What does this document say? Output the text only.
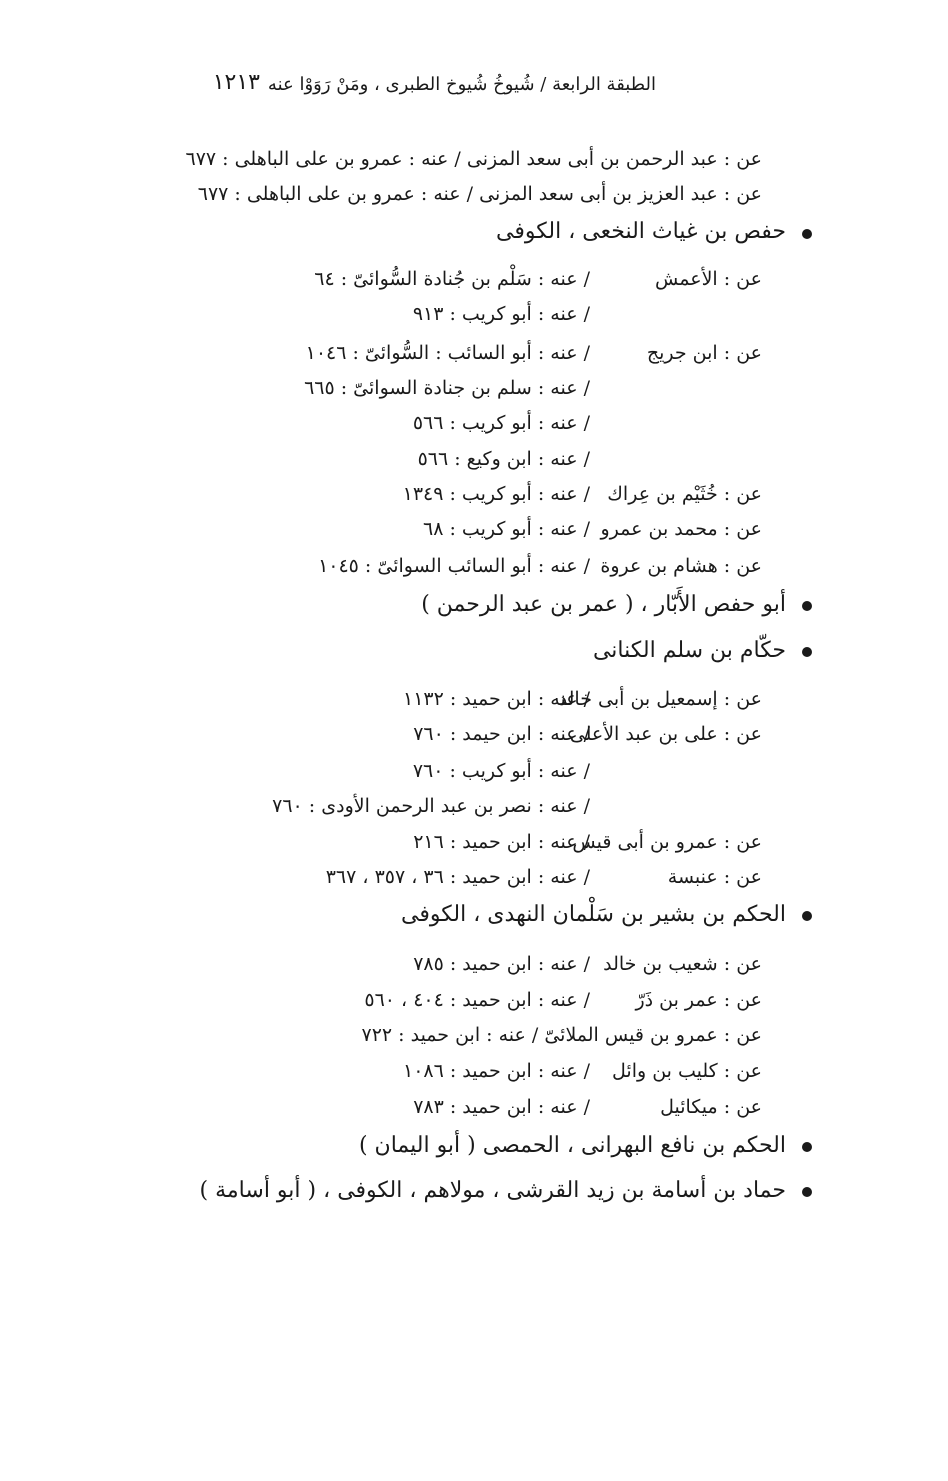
الطبقة الرابعة / شُيوخُ شُيوخ الطبرى ، ومَنْ رَوَوْا عنه
١٢١٣
عن : عبد الرحمن بن أبى سعد المزنى / عنه : عمرو بن على الباهلى : ٦٧٧
عن : عبد العزيز بن أبى سعد المزنى / عنه : عمرو بن على الباهلى : ٦٧٧
حفص بن غياث النخعى ، الكوفى
عن : الأعمش
/ عنه : سَلْم بن جُنادة السُّوائىّ : ٦٤
/ عنه : أبو كريب : ٩١٣
عن : ابن جريج
/ عنه : أبو السائب : السُّوائىّ : ١٠٤٦
/ عنه : سلم بن جنادة السوائىّ : ٦٦٥
/ عنه : أبو كريب : ٥٦٦
/ عنه : ابن وكيع : ٥٦٦
عن : خُثَيْم بن عِراك
/ عنه : أبو كريب : ١٣٤٩
عن : محمد بن عمرو
/ عنه : أبو كريب : ٦٨
عن : هشام بن عروة
/ عنه : أبو السائب السوائىّ : ١٠٤٥
أبو حفص الأَبّار ، ( عمر بن عبد الرحمن )
حكّام بن سلم الكنانى
عن : إسمعيل بن أبى خالد
/ عنه : ابن حميد : ١١٣٢
عن : على بن عبد الأعلى
/ عنه : ابن حيمد : ٧٦٠
/ عنه : أبو كريب : ٧٦٠
/ عنه : نصر بن عبد الرحمن الأودى : ٧٦٠
عن : عمرو بن أبى قيس
/ عنه : ابن حميد : ٢١٦
عن : عنبسة
/ عنه : ابن حميد : ٣٦ ، ٣٥٧ ، ٣٦٧
الحكم بن بشير بن سَلْمان النهدى ، الكوفى
عن : شعيب بن خالد
/ عنه : ابن حميد : ٧٨٥
عن : عمر بن ذَرّ
/ عنه : ابن حميد : ٤٠٤ ، ٥٦٠
عن : عمرو بن قيس الملائىّ / عنه : ابن حميد : ٧٢٢
عن : كليب بن وائل
/ عنه : ابن حميد : ١٠٨٦
عن : ميكائيل
/ عنه : ابن حميد : ٧٨٣
الحكم بن نافع البهرانى ، الحمصى ( أبو اليمان )
حماد بن أسامة بن زيد القرشى ، مولاهم ، الكوفى ، ( أبو أسامة )
